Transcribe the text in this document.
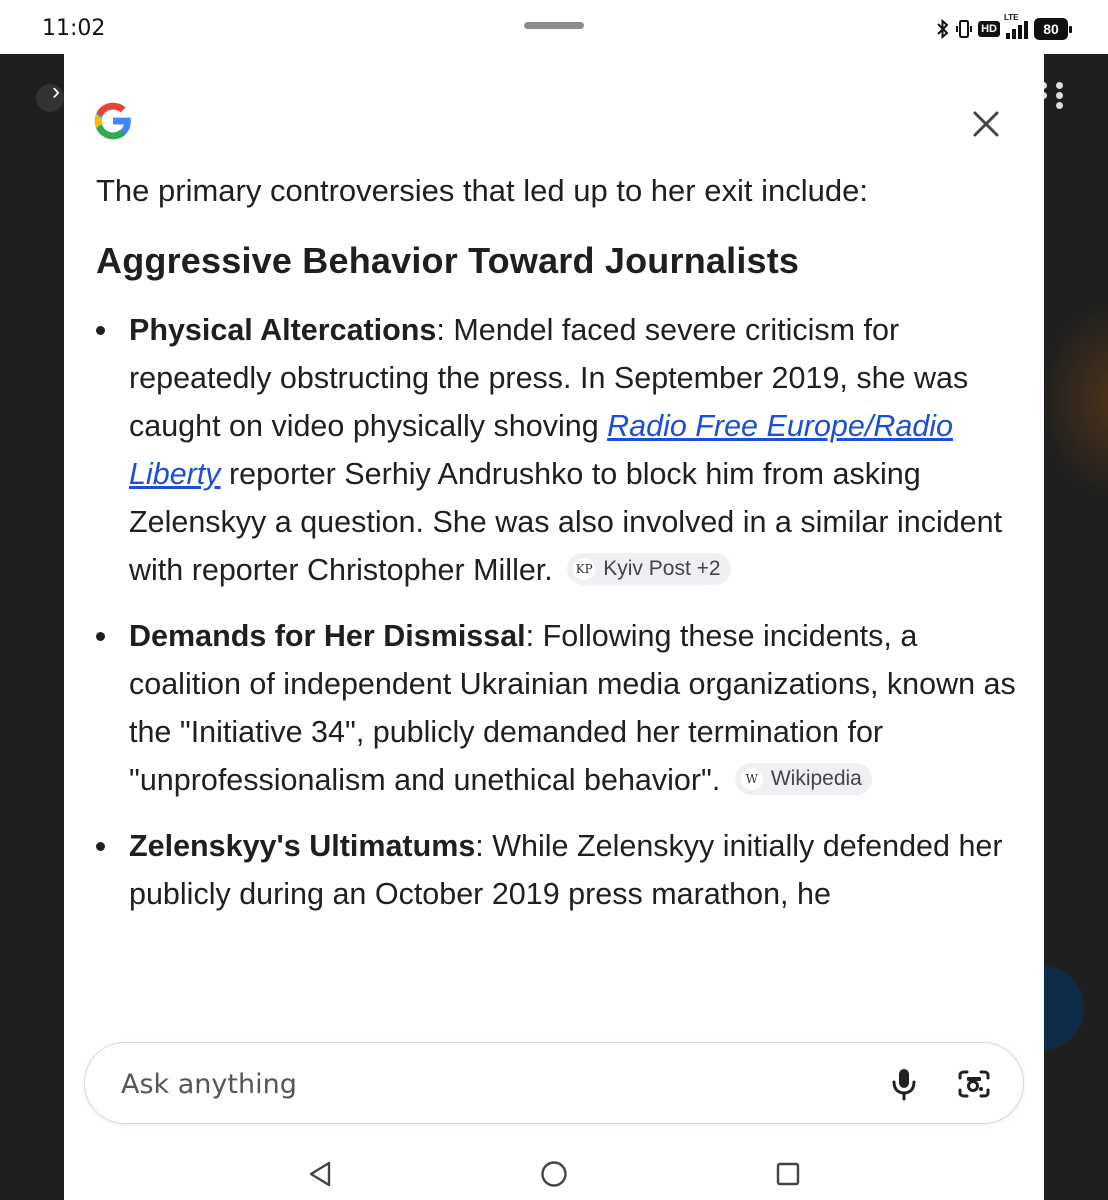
11:02	HD
LTE
80
›

The primary controversies that led up to her exit include:

Aggressive Behavior Toward Journalists
Physical Altercations: Mendel faced severe criticism for repeatedly obstructing the press. In September 2019, she was caught on video physically shoving Radio Free Europe/Radio Liberty reporter Serhiy Andrushko to block him from asking Zelenskyy a question. She was also involved in a similar incident with reporter Christopher Miller. KP Kyiv Post +2
Demands for Her Dismissal: Following these incidents, a coalition of independent Ukrainian media organizations, known as the "Initiative 34", publicly demanded her termination for "unprofessionalism and unethical behavior".	W Wikipedia
Zelenskyy's Ultimatums: While Zelenskyy initially defended her publicly during an October 2019 press marathon, he
Ask anything
